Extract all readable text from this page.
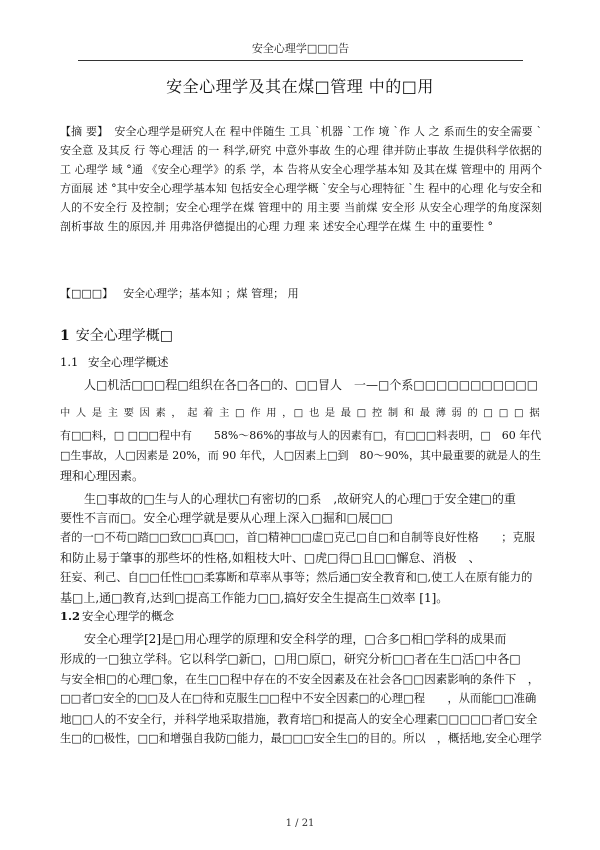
安全心理学□□□告
安全心理学及其在煤□管理 中的□用
【摘 要】 安全心理学是研究人在 程中伴随生 工具 `机器 `工作 境 `作 人 之 系而生的安全需要 `安全意 及其反 行 等心理活 的一 科学,研究 中意外事故 生的心理 律并防止事故 生提供科学依据的工 心理学 域 °通 《安全心理学》的系 学，本 告将从安全心理学基本知 及其在煤 管理中的 用两个方面展 述 °其中安全心理学基本知 包括安全心理学概 `安全与心理特征 `生 程中的心理 化与安全和人的不安全行 及控制；安全心理学在煤 管理中的 用主要 当前煤 安全形 从安全心理学的角度深刻剖析事故 生的原因,并 用弗洛伊德提出的心理 力理 来 述安全心理学在煤 生 中的重要性 °
【□□□】 安全心理学；基本知 ；煤 管理； 用
1 安全心理学概□
1.1 安全心理学概述
人□机活□□□程□组织在各□各□的、□□冒人　一—□个系□□□□□□□□□□□
中 人 是 主 要 因 素 ， 起 着 主 □ 作 用 ，□ 也 是 最 □ 控 制 和 最 薄 弱 的 □ □ □ 据
有□□料，□ □□□程中有　　58%～86%的事故与人的因素有□，有□□□料表明，□　60 年代
□生事故，人□因素是 20%，而 90 年代，人□因素上□到　80～90%，其中最重要的就是人的生
理和心理因素。
生□事故的□生与人的心理状□有密切的□系　,故研究人的心理□于安全建□的重
要性不言而□。安全心理学就是要从心理上深入□掘和□展□□
者的一□不苟□踏□□致□□真□□，首□精神□□虚□克己□自□和自制等良好性格　　；克服
和防止易于肇事的那些坏的性格,如粗枝大叶、□虎□得□且□□懈怠、消极　、
狂妄、利己、自□□任性□□柔寡断和草率从事等；然后通□安全教育和□,使工人在原有能力的
基□上,通□教育,达到□提高工作能力□□,搞好安全生提高生□效率 [1]。
1.2 安全心理学的概念
安全心理学[2]是□用心理学的原理和安全科学的理，□合多□相□学科的成果而
形成的一□独立学科。它以科学□新□，□用□原□，研究分析□□者在生□活□中各□
与安全相□的心理□象，在生□□程中存在的不安全因素及在社会各□□因素影响的条件下　，
□□者□安全的□□及人在□待和克服生□□程中不安全因素□的心理□程　　，从而能□□准确
地□□人的不安全行，并科学地采取措施，教育培□和提高人的安全心理素□□□□□者□安全
生□的□极性，□□和增强自我防□能力，最□□□安全生□的目的。所以　，概括地,安全心理学
1 / 21
